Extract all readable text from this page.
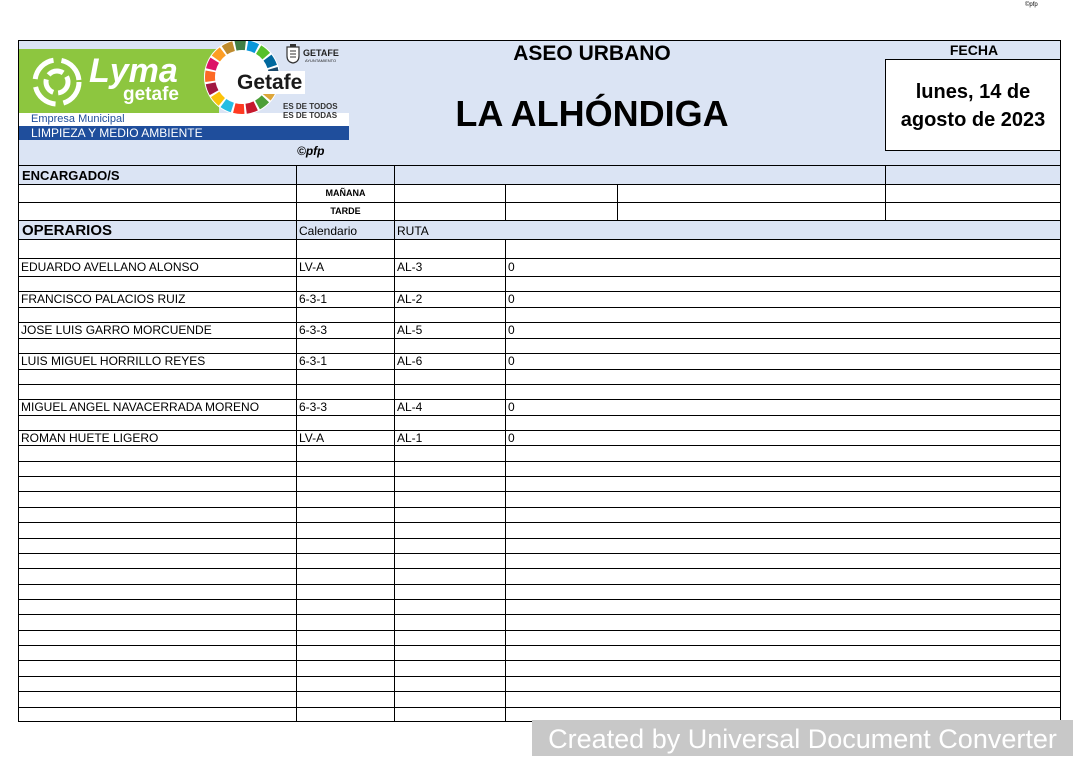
©pfp
Lyma
getafe
Empresa Municipal
LIMPIEZA Y MEDIO AMBIENTE
Getafe
GETAFE
AYUNTAMIENTO
ES DE TODOS
ES DE TODAS
©pfp
ASEO URBANO
LA ALHÓNDIGA
FECHA
lunes, 14 de
agosto de 2023
ENCARGADO/S
MAÑANA
TARDE
OPERARIOS	Calendario	RUTA
EDUARDO AVELLANO ALONSO	LV-A	AL-3	0
FRANCISCO PALACIOS RUIZ	6-3-1	AL-2	0
JOSE LUIS GARRO MORCUENDE	6-3-3	AL-5	0
LUIS MIGUEL HORRILLO REYES	6-3-1	AL-6	0
MIGUEL ANGEL NAVACERRADA MORENO	6-3-3	AL-4	0
ROMAN HUETE LIGERO	LV-A	AL-1	0
Created by Universal Document Converter
